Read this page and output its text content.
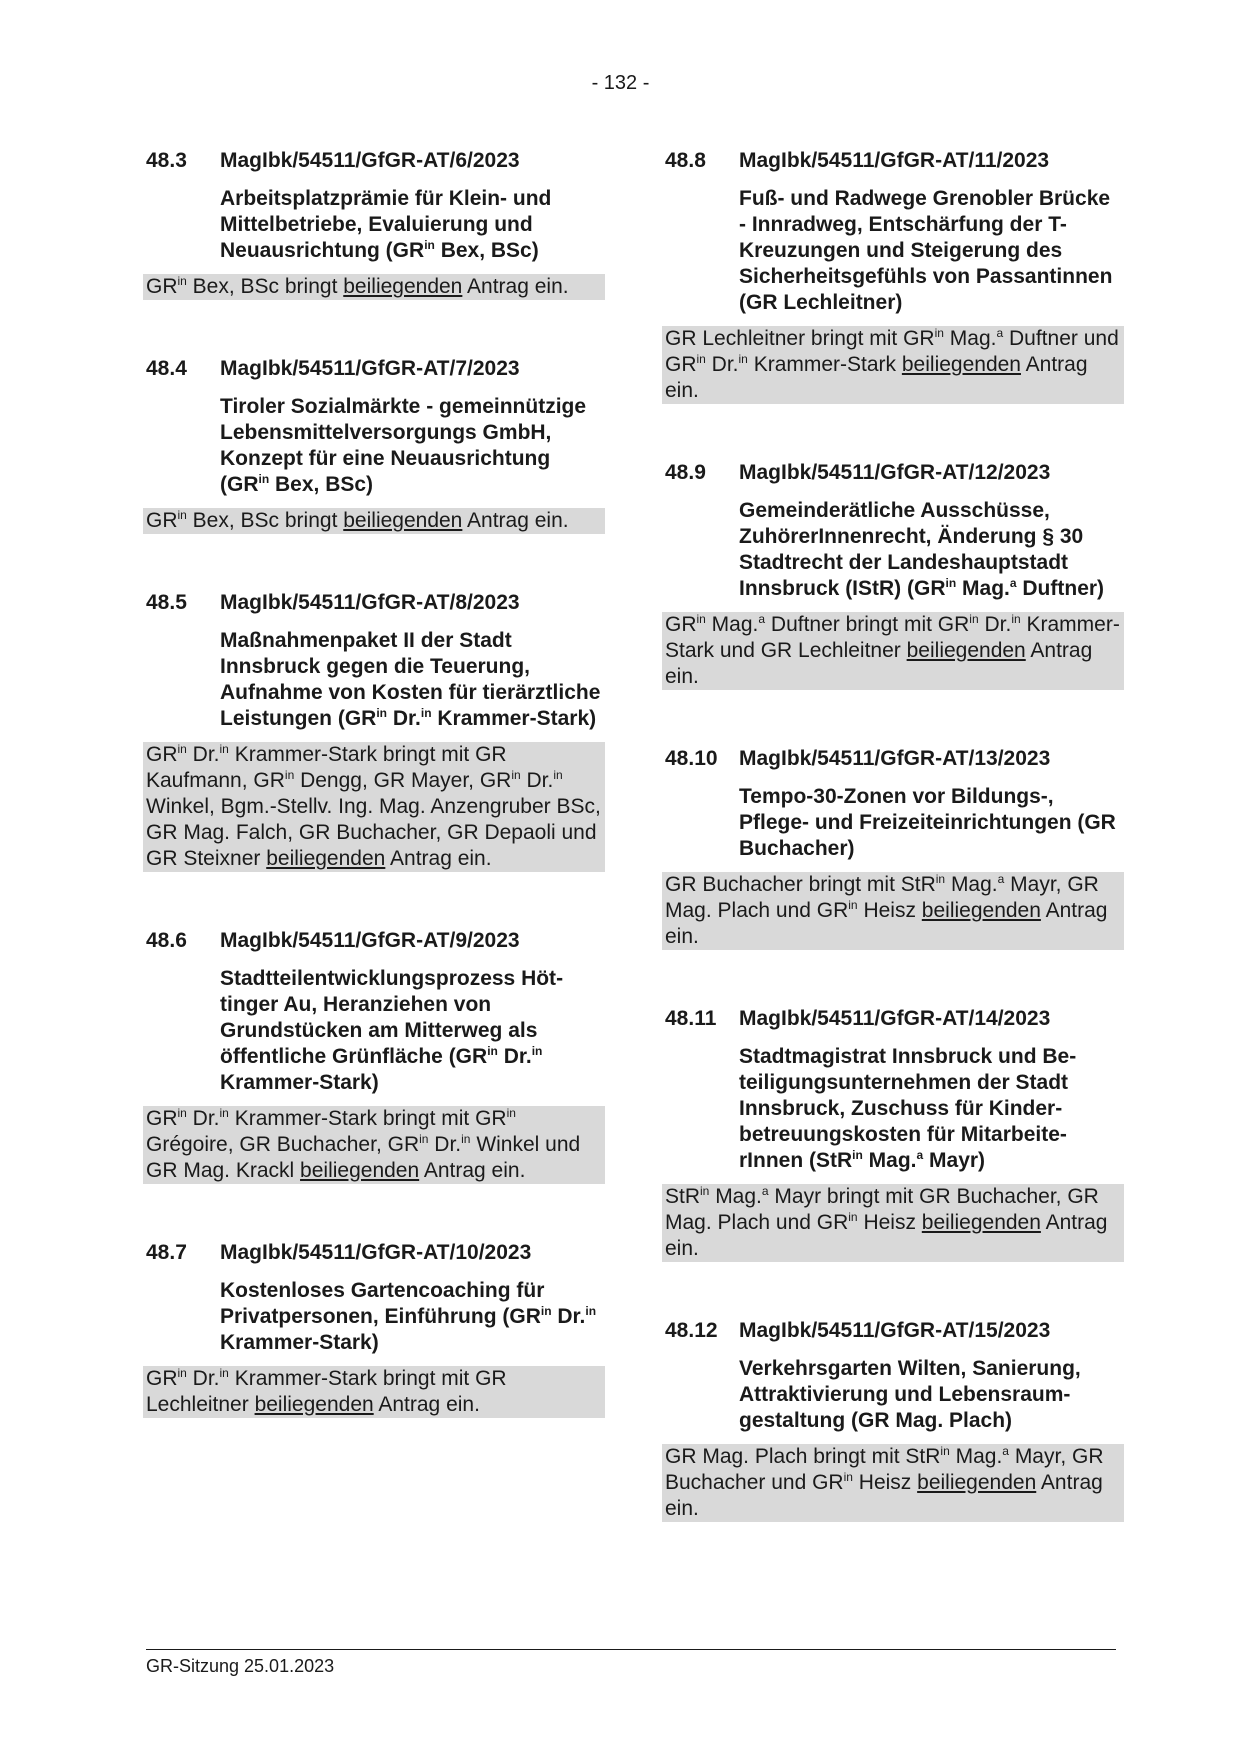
- 132 -
48.3	MagIbk/54511/GfGR-AT/6/2023
Arbeitsplatzprämie für Klein- und Mittelbetriebe, Evaluierung und Neuausrichtung ($GR^{in}$ Bex, BSc)
$GR^{in}$ Bex, BSc bringt beiliegenden Antrag ein.
48.4	MagIbk/54511/GfGR-AT/7/2023
Tiroler Sozialmärkte - gemeinnützige Lebensmittelversorgungs GmbH, Konzept für eine Neuausrichtung ($GR^{in}$ Bex, BSc)
$GR^{in}$ Bex, BSc bringt beiliegenden Antrag ein.
48.5	MagIbk/54511/GfGR-AT/8/2023
Maßnahmenpaket II der Stadt Innsbruck gegen die Teuerung, Aufnahme von Kosten für tierärztliche Leistungen ($GR^{in}$ Dr.$^{in}$ Krammer-Stark)
$GR^{in}$ Dr.$^{in}$ Krammer-Stark bringt mit GR Kaufmann, $GR^{in}$ Dengg, GR Mayer, $GR^{in}$ Dr.$^{in}$ Winkel, Bgm.-Stellv. Ing. Mag. Anzengruber BSc, GR Mag. Falch, GR Buchacher, GR Depaoli und GR Steixner beiliegenden Antrag ein.
48.6	MagIbk/54511/GfGR-AT/9/2023
Stadtteilentwicklungsprozess Höttinger Au, Heranziehen von Grundstücken am Mitterweg als öffentliche Grünfläche ($GR^{in}$ Dr.$^{in}$ Krammer-Stark)
$GR^{in}$ Dr.$^{in}$ Krammer-Stark bringt mit $GR^{in}$ Grégoire, GR Buchacher, $GR^{in}$ Dr.$^{in}$ Winkel und GR Mag. Krackl beiliegenden Antrag ein.
48.7	MagIbk/54511/GfGR-AT/10/2023
Kostenloses Gartencoaching für Privatpersonen, Einführung ($GR^{in}$ Dr.$^{in}$ Krammer-Stark)
$GR^{in}$ Dr.$^{in}$ Krammer-Stark bringt mit GR Lechleitner beiliegenden Antrag ein.
48.8	MagIbk/54511/GfGR-AT/11/2023
Fuß- und Radwege Grenobler Brücke - Innradweg, Entschärfung der T-Kreuzungen und Steigerung des Sicherheitsgefühls von Passantinnen (GR Lechleitner)
GR Lechleitner bringt mit $GR^{in}$ Mag.$^a$ Duftner und $GR^{in}$ Dr.$^{in}$ Krammer-Stark beiliegenden Antrag ein.
48.9	MagIbk/54511/GfGR-AT/12/2023
Gemeinderätliche Ausschüsse, ZuhörerInnenrecht, Änderung § 30 Stadtrecht der Landeshauptstadt Innsbruck (IStR) ($GR^{in}$ Mag.$^a$ Duftner)
$GR^{in}$ Mag.$^a$ Duftner bringt mit $GR^{in}$ Dr.$^{in}$ Krammer-Stark und GR Lechleitner beiliegenden Antrag ein.
48.10	MagIbk/54511/GfGR-AT/13/2023
Tempo-30-Zonen vor Bildungs-, Pflege- und Freizeiteinrichtungen (GR Buchacher)
GR Buchacher bringt mit StR$^{in}$ Mag.$^a$ Mayr, GR Mag. Plach und $GR^{in}$ Heisz beiliegenden Antrag ein.
48.11	MagIbk/54511/GfGR-AT/14/2023
Stadtmagistrat Innsbruck und Beteiligungsunternehmen der Stadt Innsbruck, Zuschuss für Kinderbetreuungskosten für MitarbeiterInnen (StR$^{in}$ Mag.$^a$ Mayr)
StR$^{in}$ Mag.$^a$ Mayr bringt mit GR Buchacher, GR Mag. Plach und $GR^{in}$ Heisz beiliegenden Antrag ein.
48.12	MagIbk/54511/GfGR-AT/15/2023
Verkehrsgarten Wilten, Sanierung, Attraktivierung und Lebensraumgestaltung (GR Mag. Plach)
GR Mag. Plach bringt mit StR$^{in}$ Mag.$^a$ Mayr, GR Buchacher und $GR^{in}$ Heisz beiliegenden Antrag ein.
GR-Sitzung 25.01.2023
